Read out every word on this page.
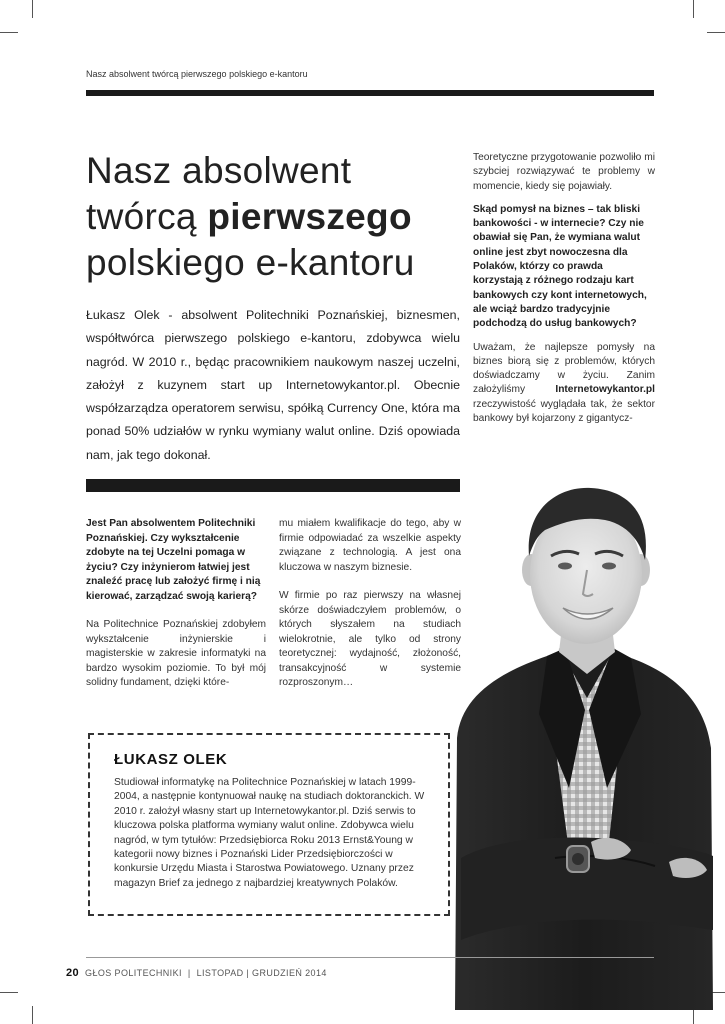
Nasz absolwent twórcą pierwszego polskiego e-kantoru
Nasz absolwent twórcą pierwszego polskiego e-kantoru

Łukasz Olek - absolwent Politechniki Poznańskiej, biznesmen, współtwórca pierwszego polskiego e-kantoru, zdobywca wielu nagród. W 2010 r., będąc pracownikiem naukowym naszej uczelni, założył z kuzynem start up Internetowykantor.pl. Obecnie współzarządza operatorem serwisu, spółką Currency One, która ma ponad 50% udziałów w rynku wymiany walut online. Dziś opowiada nam, jak tego dokonał.

Teoretyczne przygotowanie pozwoliło mi szybciej rozwiązywać te problemy w momencie, kiedy się pojawiały.

Skąd pomysł na biznes – tak bliski bankowości - w internecie? Czy nie obawiał się Pan, że wymiana walut online jest zbyt nowoczesna dla Polaków, którzy co prawda korzystają z różnego rodzaju kart bankowych czy kont internetowych, ale wciąż bardzo tradycyjnie podchodzą do usług bankowych?

Uważam, że najlepsze pomysły na biznes biorą się z problemów, których doświadczamy w życiu. Zanim założyliśmy Internetowykantor.pl rzeczywistość wyglądała tak, że sektor bankowy był kojarzony z gigantycz-

Jest Pan absolwentem Politechniki Poznańskiej. Czy wykształcenie zdobyte na tej Uczelni pomaga w życiu? Czy inżynierom łatwiej jest znaleźć pracę lub założyć firmę i nią kierować, zarządzać swoją karierą?

Na Politechnice Poznańskiej zdobyłem wykształcenie inżynierskie i magisterskie w zakresie informatyki na bardzo wysokim poziomie. To był mój solidny fundament, dzięki które-

mu miałem kwalifikacje do tego, aby w firmie odpowiadać za wszelkie aspekty związane z technologią. A jest ona kluczowa w naszym biznesie.

W firmie po raz pierwszy na własnej skórze doświadczyłem problemów, o których słyszałem na studiach wielokrotnie, ale tylko od strony teoretycznej: wydajność, złożoność, transakcyjność w systemie rozproszonym…

ŁUKASZ OLEK
Studiował informatykę na Politechnice Poznańskiej w latach 1999-2004, a następnie kontynuował naukę na studiach doktoranckich. W 2010 r. założył własny start up Internetowykantor.pl. Dziś serwis to kluczowa polska platforma wymiany walut online. Zdobywca wielu nagród, w tym tytułów: Przedsiębiorca Roku 2013 Ernst&Young w kategorii nowy biznes i Poznański Lider Przedsiębiorczości w konkursie Urzędu Miasta i Starostwa Powiatowego. Uznany przez magazyn Brief za jednego z najbardziej kreatywnych Polaków.
20 GŁOS POLITECHNIKI | LISTOPAD | GRUDZIEŃ 2014
